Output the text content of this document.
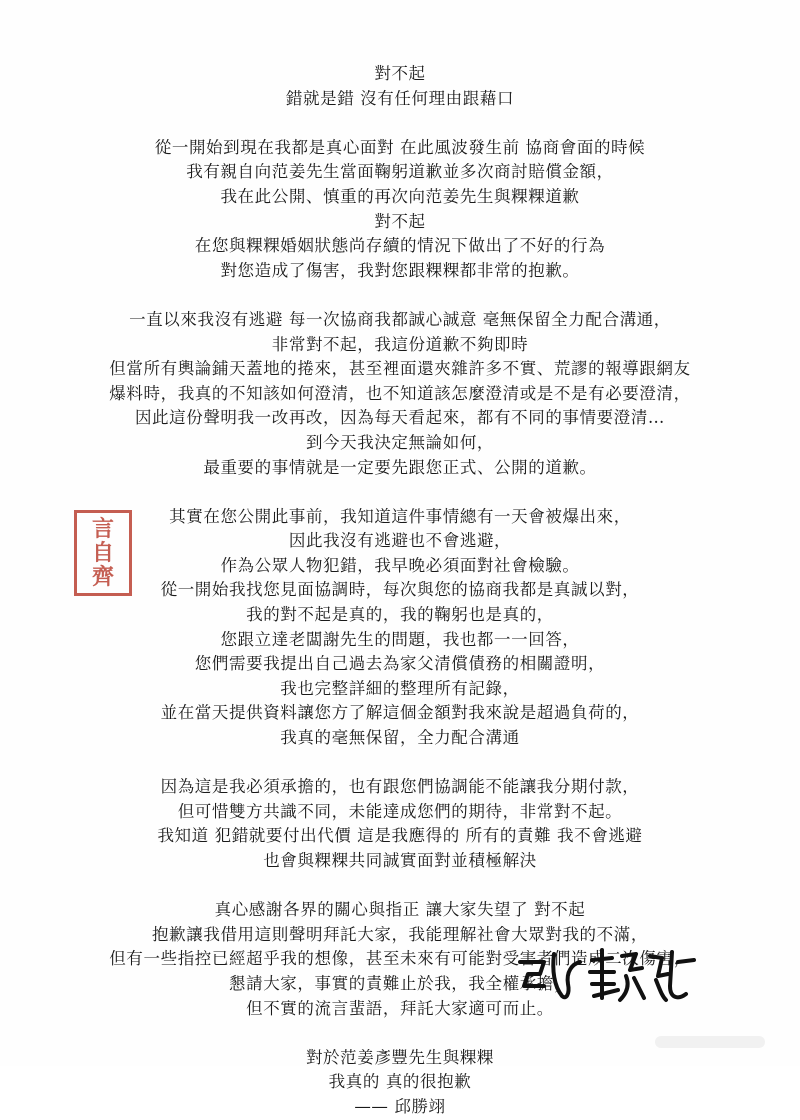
對不起
錯就是錯 沒有任何理由跟藉口
從一開始到現在我都是真心面對 在此風波發生前 協商會面的時候
我有親自向范姜先生當面鞠躬道歉並多次商討賠償金額，
我在此公開、慎重的再次向范姜先生與粿粿道歉
對不起
在您與粿粿婚姻狀態尚存續的情況下做出了不好的行為
對您造成了傷害，我對您跟粿粿都非常的抱歉。
一直以來我沒有逃避 每一次協商我都誠心誠意 毫無保留全力配合溝通，
非常對不起，我這份道歉不夠即時
但當所有輿論鋪天蓋地的捲來，甚至裡面還夾雜許多不實、荒謬的報導跟網友
爆料時，我真的不知該如何澄清，也不知道該怎麼澄清或是不是有必要澄清，
因此這份聲明我一改再改，因為每天看起來，都有不同的事情要澄清…
到今天我決定無論如何，
最重要的事情就是一定要先跟您正式、公開的道歉。
其實在您公開此事前，我知道這件事情總有一天會被爆出來，
因此我沒有逃避也不會逃避，
作為公眾人物犯錯，我早晚必須面對社會檢驗。
從一開始我找您見面協調時，每次與您的協商我都是真誠以對，
我的對不起是真的，我的鞠躬也是真的，
您跟立達老闆謝先生的問題，我也都一一回答，
您們需要我提出自己過去為家父清償債務的相關證明，
我也完整詳細的整理所有記錄，
並在當天提供資料讓您方了解這個金額對我來說是超過負荷的，
我真的毫無保留，全力配合溝通
因為這是我必須承擔的，也有跟您們協調能不能讓我分期付款，
但可惜雙方共識不同，未能達成您們的期待，非常對不起。
我知道 犯錯就要付出代價 這是我應得的 所有的責難 我不會逃避
也會與粿粿共同誠實面對並積極解決
真心感謝各界的關心與指正 讓大家失望了 對不起
抱歉讓我借用這則聲明拜託大家，我能理解社會大眾對我的不滿，
但有一些指控已經超乎我的想像，甚至未來有可能對受害者們造成二次傷害，
懇請大家，事實的責難止於我，我全權承擔，
但不實的流言蜚語，拜託大家適可而止。
對於范姜彥豐先生與粿粿
我真的 真的很抱歉
—— 邱勝翊
言
自
齊
